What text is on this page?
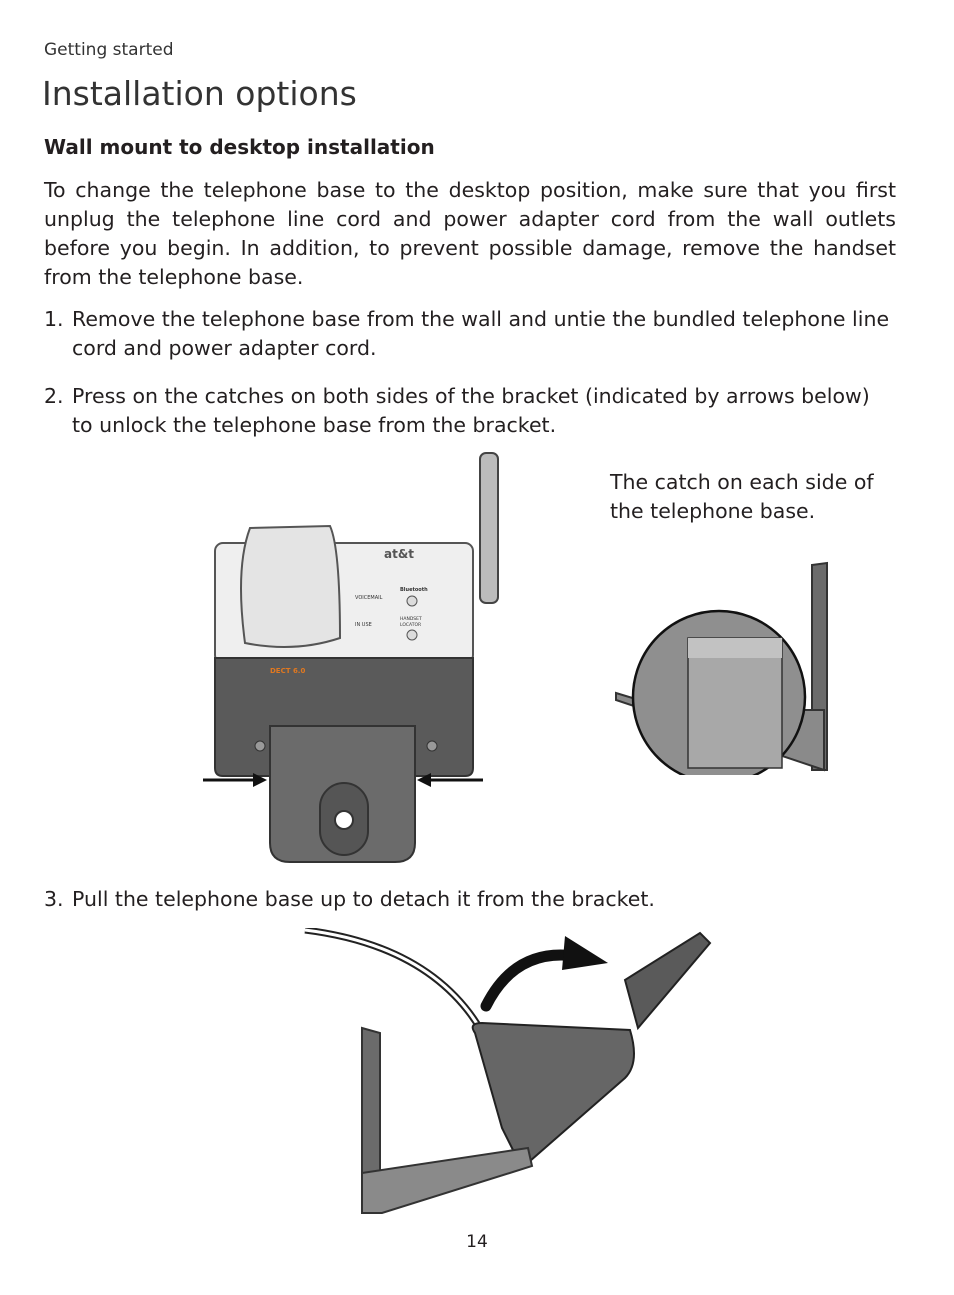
Getting started
Installation options
Wall mount to desktop installation

To change the telephone base to the desktop position, make sure that you first unplug the telephone line cord and power adapter cord from the wall outlets before you begin. In addition, to prevent possible damage, remove the handset from the telephone base.

1. Remove the telephone base from the wall and untie the bundled telephone line cord and power adapter cord.
2. Press on the catches on both sides of the bracket (indicated by arrows below) to unlock the telephone base from the bracket.
at&t
VOICEMAIL
IN USE
Bluetooth
HANDSET
LOCATOR
DECT 6.0
The catch on each side of the telephone base.
3. Pull the telephone base up to detach it from the bracket.
14
